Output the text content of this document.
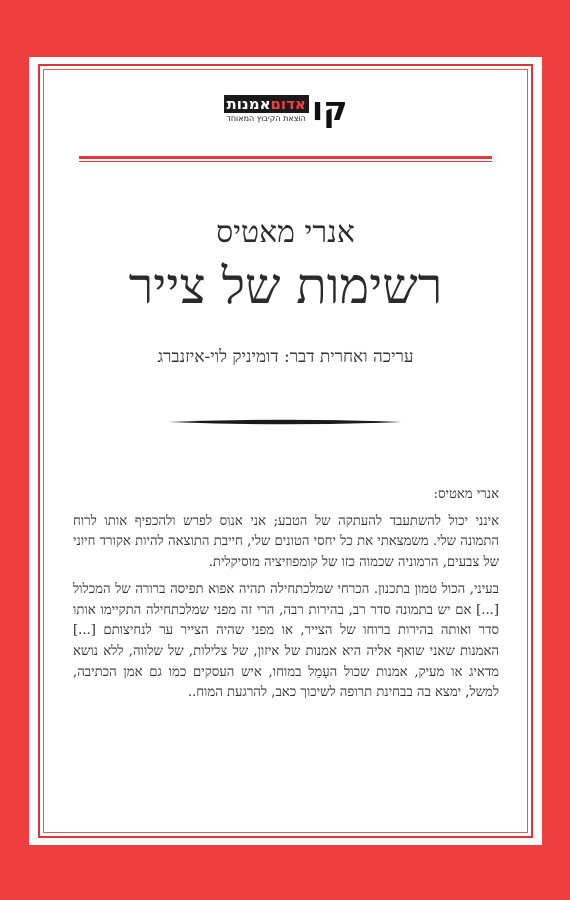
קו
אדוםאמנות
הוצאת הקיבוץ המאוחד
אנרי מאטיס
רשימות של צייר
עריכה ואחרית דבר: דומיניק לוי-איזנברג

אנרי מאטיס:

אינני יכול להשתעבד להעתקה של הטבע; אני אנוס לפרש ולהכפיף אותו לרוח התמונה שלי. משמצאתי את כל יחסי הטונים שלי, חייבת התוצאה להיות אקורד חיוני של צבעים, הרמוניה שכמוה כזו של קומפוזיציה מוסיקלית.

בעיני, הכול טמון בתכנון. הכרחי שמלכתחילה תהיה אפוא תפיסה ברורה של המכלול [...] אם יש בתמונה סדר רב, בהירות רבה, הרי זה מפני שמלכתחילה התקיימו אותו סדר ואותה בהירות ברוחו של הצייר, או מפני שהיה הצייר ער לנחיצותם [...] האמנות שאני שואף אליה היא אמנות של איזון, של צלילות, של שלווה, ללא נושא מדאיג או מעיק, אמנות שכול העָמֵל במוחו, איש העסקים כמו גם אמן הכתיבה, למשל, ימצא בה בבחינת תרופה לשיכוך כאב, להרגעת המוח..
